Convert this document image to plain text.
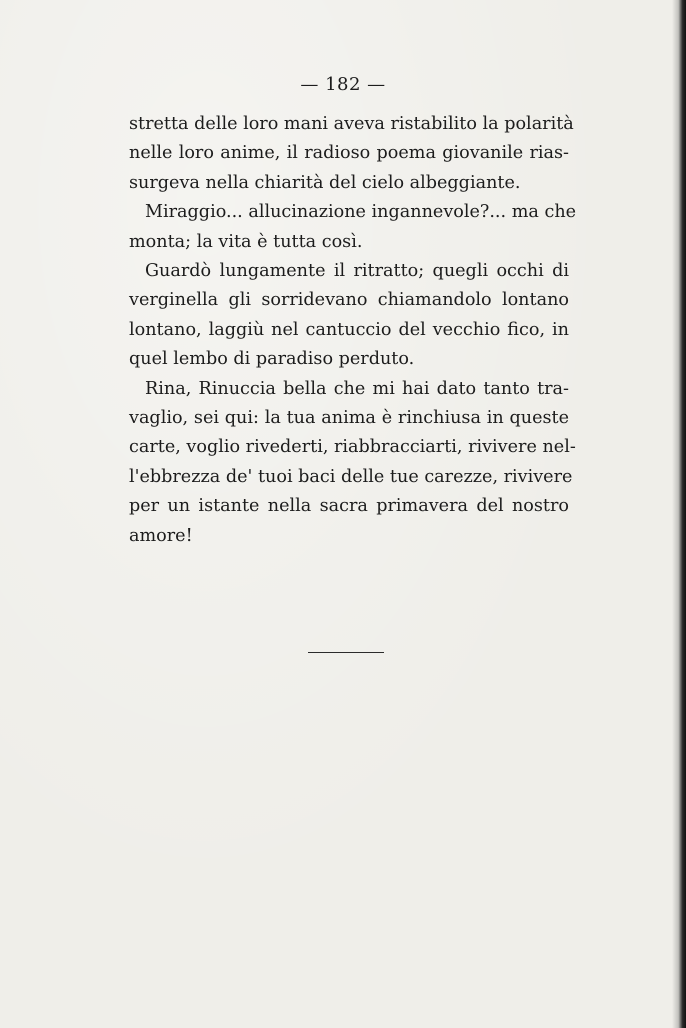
— 182 —
stretta delle loro mani aveva ristabilito la polarità
nelle loro anime, il radioso poema giovanile rias-
surgeva nella chiarità del cielo albeggiante.
Miraggio... allucinazione ingannevole?... ma che
monta; la vita è tutta così.
Guardò lungamente il ritratto; quegli occhi di
verginella gli sorridevano chiamandolo lontano
lontano, laggiù nel cantuccio del vecchio fico, in
quel lembo di paradiso perduto.
Rina, Rinuccia bella che mi hai dato tanto tra-
vaglio, sei qui: la tua anima è rinchiusa in queste
carte, voglio rivederti, riabbracciarti, rivivere nel-
l'ebbrezza de' tuoi baci delle tue carezze, rivivere
per un istante nella sacra primavera del nostro
amore!
